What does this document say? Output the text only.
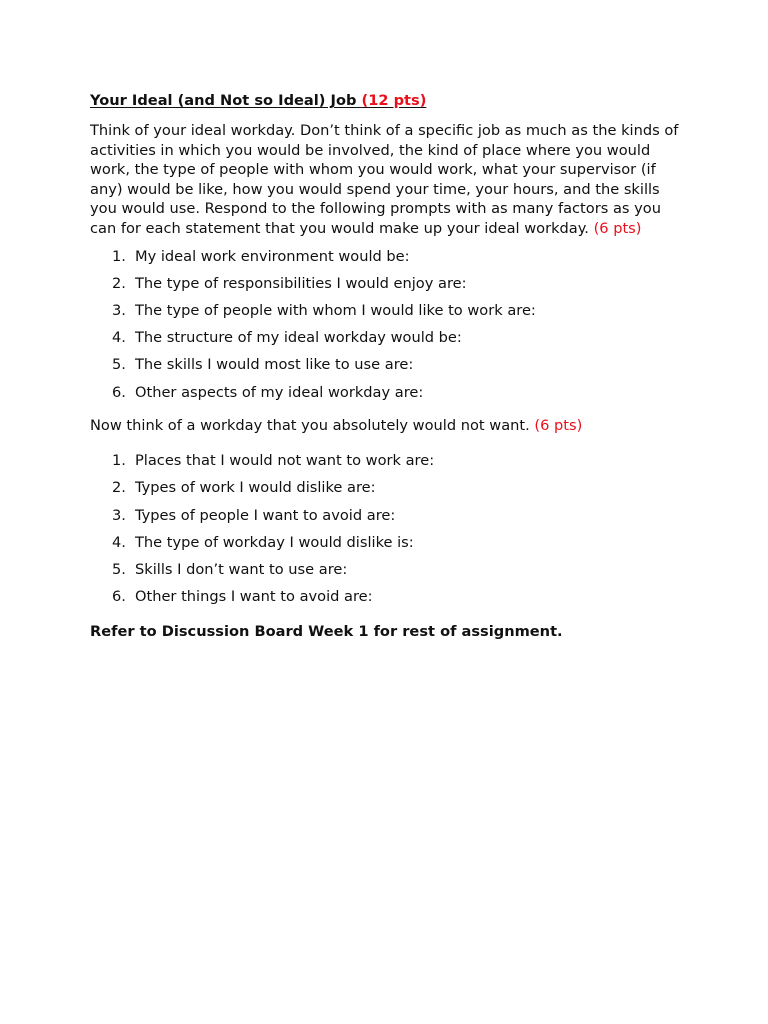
Your Ideal (and Not so Ideal) Job (12 pts)

Think of your ideal workday. Don’t think of a specific job as much as the kinds of activities in which you would be involved, the kind of place where you would work, the type of people with whom you would work, what your supervisor (if any) would be like, how you would spend your time, your hours, and the skills you would use. Respond to the following prompts with as many factors as you can for each statement that you would make up your ideal workday. (6 pts)

1. My ideal work environment would be:
2. The type of responsibilities I would enjoy are:
3. The type of people with whom I would like to work are:
4. The structure of my ideal workday would be:
5. The skills I would most like to use are:
6. Other aspects of my ideal workday are:

Now think of a workday that you absolutely would not want. (6 pts)

1. Places that I would not want to work are:
2. Types of work I would dislike are:
3. Types of people I want to avoid are:
4. The type of workday I would dislike is:
5. Skills I don’t want to use are:
6. Other things I want to avoid are:

Refer to Discussion Board Week 1 for rest of assignment.
